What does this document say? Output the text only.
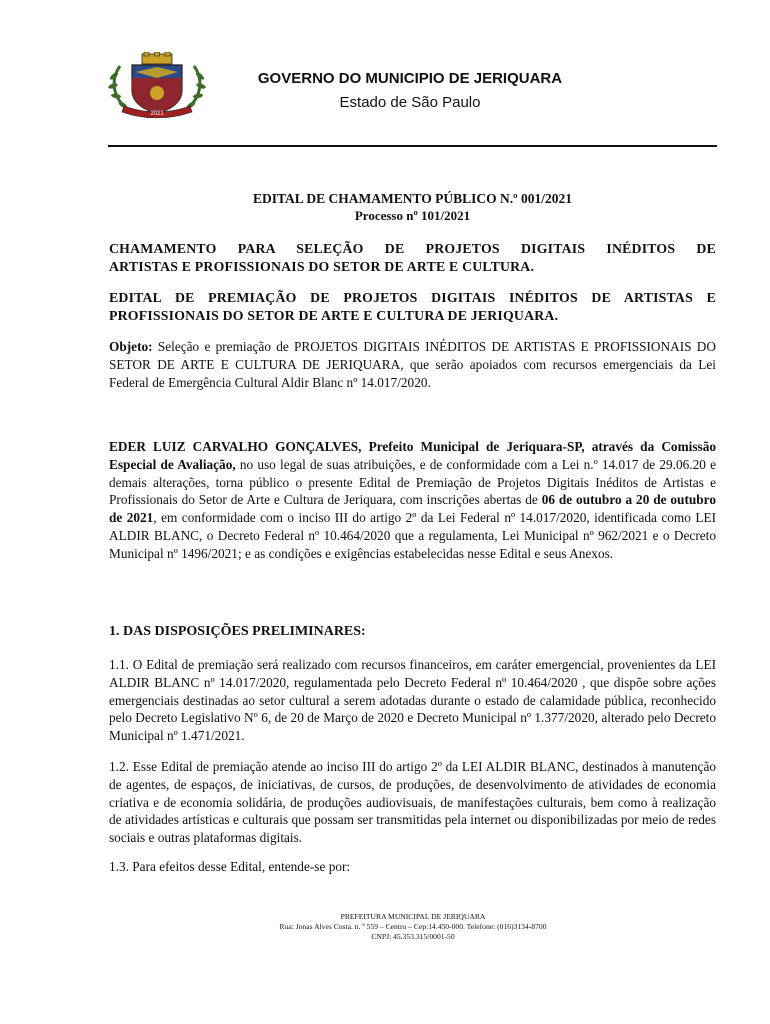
2021
GOVERNO DO MUNICIPIO DE JERIQUARA
Estado de São Paulo
EDITAL DE CHAMAMENTO PÚBLICO N.º 001/2021
Processo nº 101/2021
CHAMAMENTO PARA SELEÇÃO DE PROJETOS DIGITAIS INÉDITOS DE
ARTISTAS E PROFISSIONAIS DO SETOR DE ARTE E CULTURA.
EDITAL DE PREMIAÇÃO DE PROJETOS DIGITAIS INÉDITOS DE ARTISTAS E
PROFISSIONAIS DO SETOR DE ARTE E CULTURA DE JERIQUARA.
Objeto: Seleção e premiação de PROJETOS DIGITAIS INÉDITOS DE ARTISTAS E PROFISSIONAIS DO SETOR DE ARTE E CULTURA DE JERIQUARA, que serão apoiados com recursos emergenciais da Lei Federal de Emergência Cultural Aldir Blanc nº 14.017/2020.
EDER LUIZ CARVALHO GONÇALVES, Prefeito Municipal de Jeriquara-SP, através da Comissão Especial de Avaliação, no uso legal de suas atribuições, e de conformidade com a Lei n.º 14.017 de 29.06.20 e demais alterações, torna público o presente Edital de Premiação de Projetos Digitais Inéditos de Artistas e Profissionais do Setor de Arte e Cultura de Jeriquara, com inscrições abertas de 06 de outubro a 20 de outubro de 2021, em conformidade com o inciso III do artigo 2º da Lei Federal nº 14.017/2020, identificada como LEI ALDIR BLANC, o Decreto Federal nº 10.464/2020 que a regulamenta, Lei Municipal nº 962/2021 e o Decreto Municipal nº 1496/2021; e as condições e exigências estabelecidas nesse Edital e seus Anexos.
1. DAS DISPOSIÇÕES PRELIMINARES:
1.1. O Edital de premiação será realizado com recursos financeiros, em caráter emergencial, provenientes da LEI ALDIR BLANC nº 14.017/2020, regulamentada pelo Decreto Federal nº 10.464/2020 , que dispõe sobre ações emergenciais destinadas ao setor cultural a serem adotadas durante o estado de calamidade pública, reconhecido pelo Decreto Legislativo Nº 6, de 20 de Março de 2020 e Decreto Municipal nº 1.377/2020, alterado pelo Decreto Municipal nº 1.471/2021.
1.2. Esse Edital de premiação atende ao inciso III do artigo 2º da LEI ALDIR BLANC, destinados à manutenção de agentes, de espaços, de iniciativas, de cursos, de produções, de desenvolvimento de atividades de economia criativa e de economia solidária, de produções audiovisuais, de manifestações culturais, bem como à realização de atividades artísticas e culturais que possam ser transmitidas pela internet ou disponibilizadas por meio de redes sociais e outras plataformas digitais.
1.3. Para efeitos desse Edital, entende-se por:
PREFEITURA MUNICIPAL DE JERIQUARA
Rua: Jonas Alves Costa. n. º 559 – Centro – Cep:14.450-000. Telefone: (016)3134-8700
CNPJ: 45.353.315/0001-50
